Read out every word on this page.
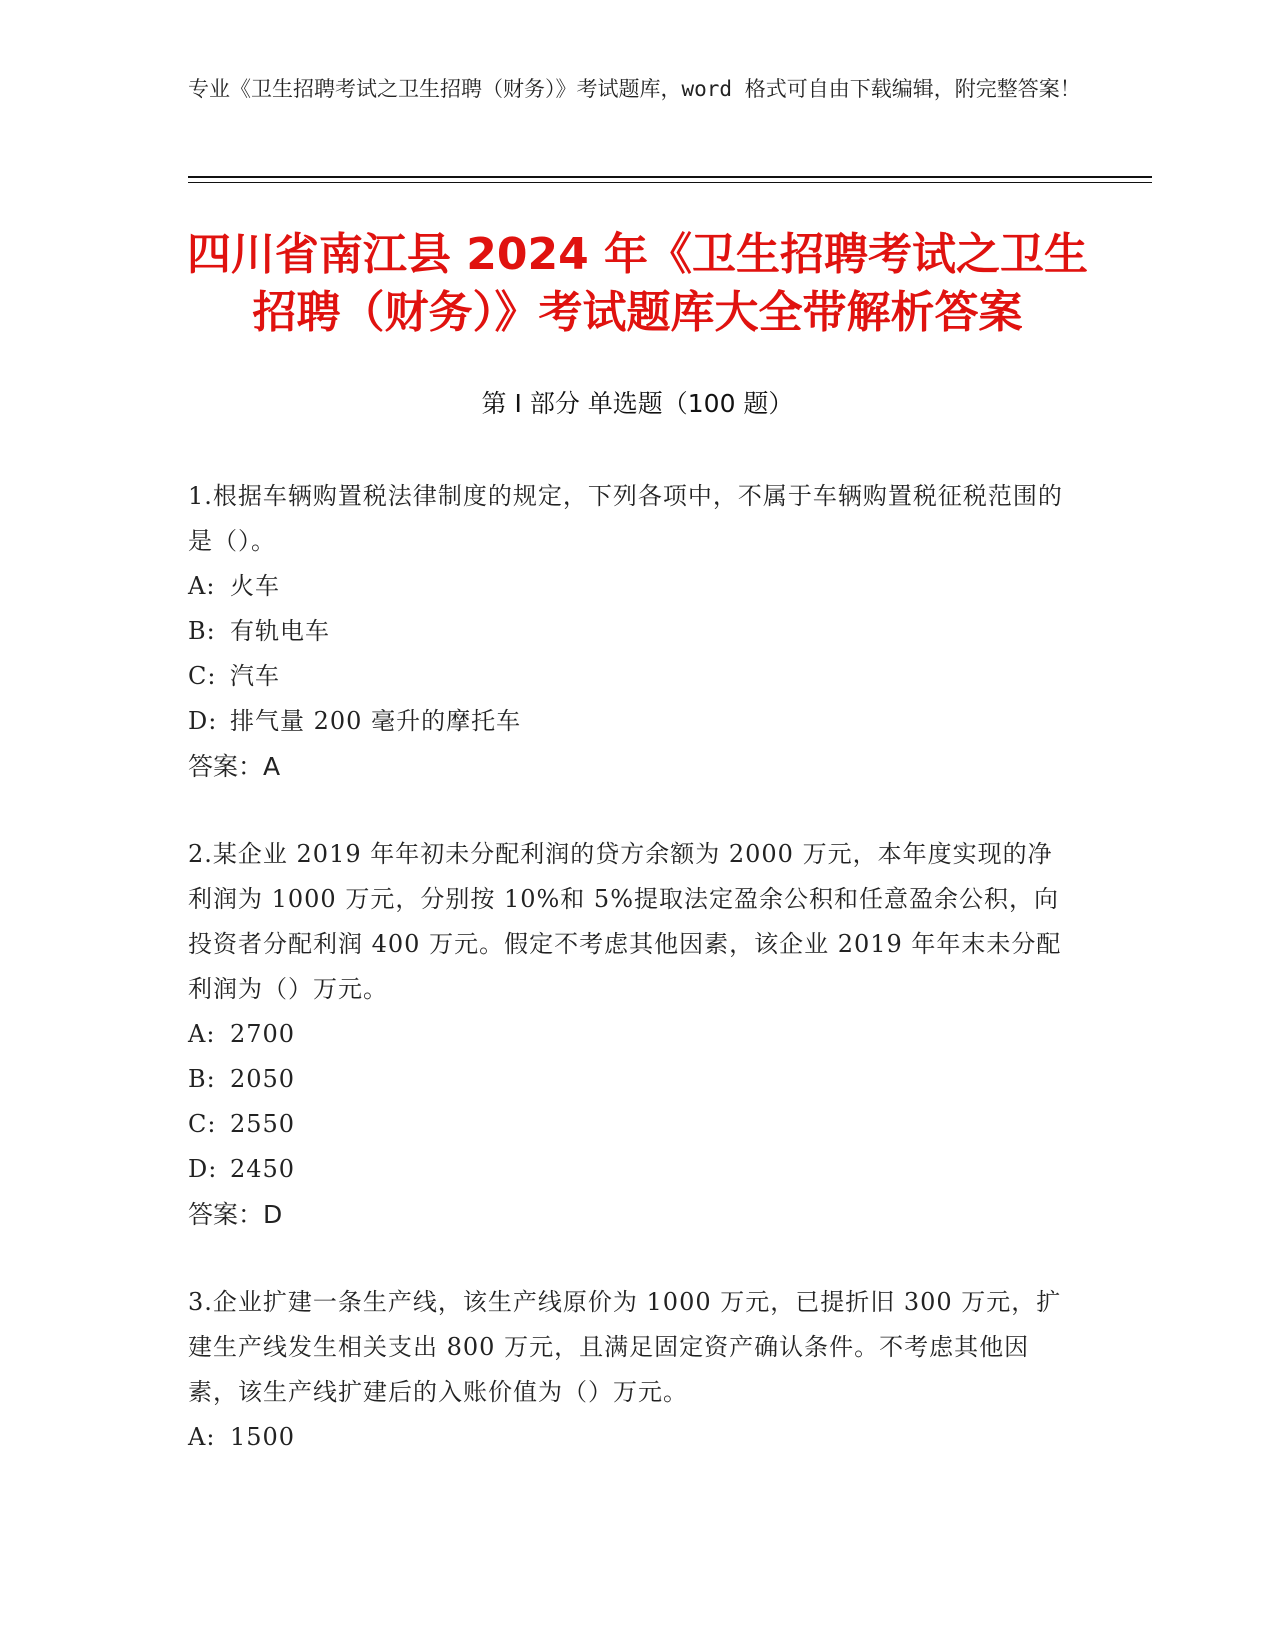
专业《卫生招聘考试之卫生招聘（财务）》考试题库，word 格式可自由下载编辑，附完整答案！
四川省南江县 2024 年《卫生招聘考试之卫生
招聘（财务）》考试题库大全带解析答案
第 I 部分 单选题（100 题）
1.根据车辆购置税法律制度的规定，下列各项中，不属于车辆购置税征税范围的是（）。
A: 火车
B: 有轨电车
C: 汽车
D: 排气量 200 毫升的摩托车
答案：A
2.某企业 2019 年年初未分配利润的贷方余额为 2000 万元，本年度实现的净利润为 1000 万元，分别按 10%和 5%提取法定盈余公积和任意盈余公积，向投资者分配利润 400 万元。假定不考虑其他因素，该企业 2019 年年末未分配利润为（）万元。
A: 2700
B: 2050
C: 2550
D: 2450
答案：D
3.企业扩建一条生产线，该生产线原价为 1000 万元，已提折旧 300 万元，扩建生产线发生相关支出 800 万元，且满足固定资产确认条件。不考虑其他因素，该生产线扩建后的入账价值为（）万元。
A: 1500
